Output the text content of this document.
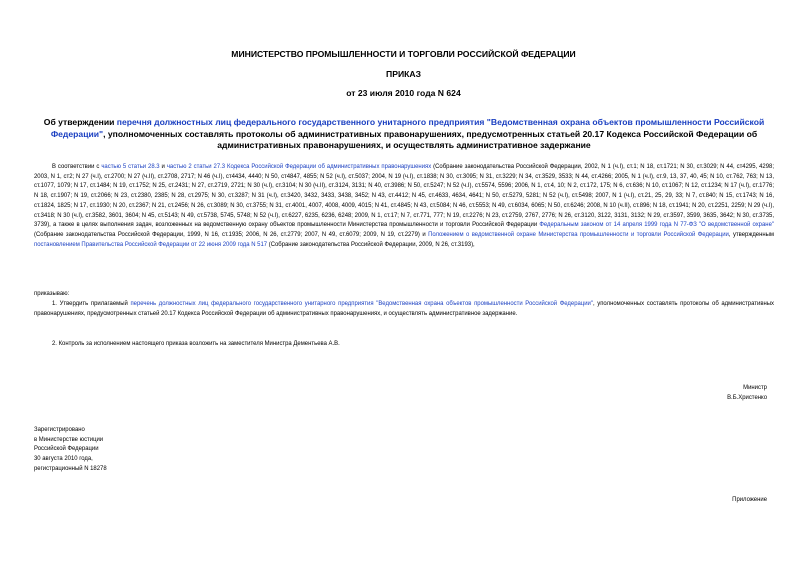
МИНИСТЕРСТВО ПРОМЫШЛЕННОСТИ И ТОРГОВЛИ РОССИЙСКОЙ ФЕДЕРАЦИИ
ПРИКАЗ
от 23 июля 2010 года N 624
Об утверждении перечня должностных лиц федерального государственного унитарного предприятия "Ведомственная охрана объектов промышленности Российской Федерации", уполномоченных составлять протоколы об административных правонарушениях, предусмотренных статьей 20.17 Кодекса Российской Федерации об административных правонарушениях, и осуществлять административное задержание
В соответствии с частью 5 статьи 28.3 и частью 2 статьи 27.3 Кодекса Российской Федерации об административных правонарушениях (Собрание законодательства Российской Федерации, 2002, N 1 (ч.I), ст.1; N 18, ст.1721; N 30, ст.3029; N 44, ст4295, 4298; 2003, N 1, ст2; N 27 (ч.I), ст.2700; N 27 (ч.II), ст.2708, 2717; N 46 (ч.I), ст4434, 4440; N 50, ст4847, 4855; N 52 (ч.I), ст.5037; 2004, N 19 (ч.I), ст.1838; N 30, ст.3095; N 31, ст.3229; N 34, ст.3529, 3533; N 44, ст.4266; 2005, N 1 (ч.I), ст.9, 13, 37, 40, 45; N 10, ст.762, 763; N 13, ст.1077, 1079; N 17, ст.1484; N 19, ст.1752; N 25, ст.2431; N 27, ст.2719, 2721; N 30 (ч.I), ст.3104; N 30 (ч.II), ст.3124, 3131; N 40, ст.3986; N 50, ст.5247; N 52 (ч.I), ст.5574, 5596; 2006, N 1, ст.4, 10; N 2, ст.172, 175; N 6, ст.636; N 10, ст.1067; N 12, ст.1234; N 17 (ч.I), ст.1776; N 18, ст.1907; N 19, ст.2066; N 23, ст.2380, 2385; N 28, ст.2975; N 30, ст.3287; N 31 (ч.I), ст.3420, 3432, 3433, 3438, 3452; N 43, ст.4412; N 45, ст.4633, 4634, 4641; N 50, ст.5279, 5281; N 52 (ч.I), ст.5498; 2007, N 1 (ч.I), ст.21, 25, 29, 33; N 7, ст.840; N 15, ст.1743; N 16, ст.1824, 1825; N 17, ст.1930; N 20, ст.2367; N 21, ст.2456; N 26, ст.3089; N 30, ст.3755; N 31, ст.4001, 4007, 4008, 4009, 4015; N 41, ст.4845; N 43, ст.5084; N 46, ст.5553; N 49, ст.6034, 6065; N 50, ст.6246; 2008, N 10 (ч.II), ст.896; N 18, ст.1941; N 20, ст.2251, 2259; N 29 (ч.I), ст.3418; N 30 (ч.I), ст.3582, 3601, 3604; N 45, ст.5143; N 49, ст.5738, 5745, 5748; N 52 (ч.I), ст.6227, 6235, 6236, 6248; 2009, N 1, ст.17; N 7, ст.771, 777; N 19, ст.2276; N 23, ст.2759, 2767, 2776; N 26, ст.3120, 3122, 3131, 3132; N 29, ст.3597, 3599, 3635, 3642; N 30, ст.3735, 3739), а также в целях выполнения задач, возложенных на ведомственную охрану объектов промышленности Министерства промышленности и торговли Российской Федерации Федеральным законом от 14 апреля 1999 года N 77-ФЗ "О ведомственной охране" (Собрание законодательства Российской Федерации, 1999, N 16, ст.1935; 2006, N 26, ст.2779; 2007, N 49, ст.6079; 2009, N 19, ст.2279) и Положением о ведомственной охране Министерства промышленности и торговли Российской Федерации, утвержденным постановлением Правительства Российской Федерации от 22 июня 2009 года N 517 (Собрание законодательства Российской Федерации, 2009, N 26, ст.3193),
приказываю:
1. Утвердить прилагаемый перечень должностных лиц федерального государственного унитарного предприятия "Ведомственная охрана объектов промышленности Российской Федерации", уполномоченных составлять протоколы об административных правонарушениях, предусмотренных статьей 20.17 Кодекса Российской Федерации об административных правонарушениях, и осуществлять административное задержание.
2. Контроль за исполнением настоящего приказа возложить на заместителя Министра Дементьева А.В.
Министр
В.Б.Христенко
Зарегистрировано
в Министерстве юстиции
Российской Федерации
30 августа 2010 года,
регистрационный N 18278
Приложение
